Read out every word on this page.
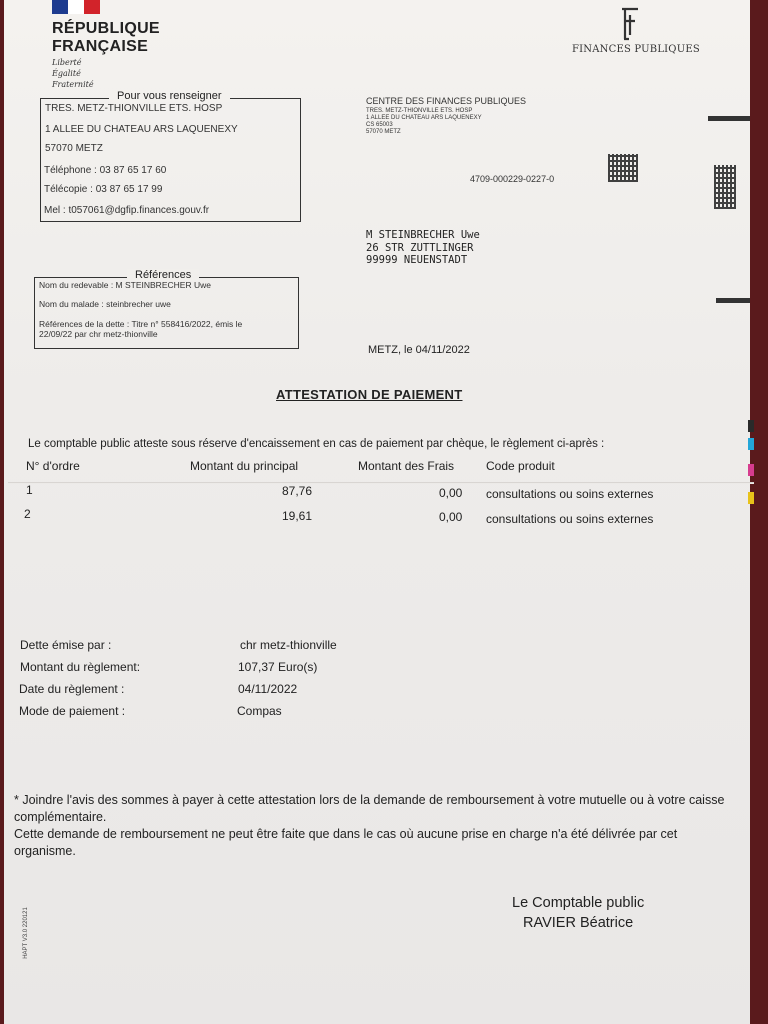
RÉPUBLIQUE
FRANÇAISE
Liberté
Égalité
Fraternité
FINANCES PUBLIQUES
Pour vous renseigner
TRES. METZ-THIONVILLE ETS. HOSP
1 ALLEE DU CHATEAU ARS LAQUENEXY
57070 METZ
Téléphone : 03 87 65 17 60
Télécopie : 03 87 65 17 99
Mel : t057061@dgfip.finances.gouv.fr
CENTRE DES FINANCES PUBLIQUES
TRES. METZ-THIONVILLE ETS. HOSP
1 ALLEE DU CHATEAU ARS LAQUENEXY
CS 65003
57070 METZ
4709-000229-0227-0
M STEINBRECHER Uwe
26 STR ZUTTLINGER
99999 NEUENSTADT
Références
Nom du redevable : M STEINBRECHER Uwe
Nom du malade : steinbrecher uwe
Références de la dette : Titre n° 558416/2022, émis le
22/09/22 par chr metz-thionville
METZ, le 04/11/2022
ATTESTATION DE PAIEMENT
Le comptable public atteste sous réserve d'encaissement en cas de paiement par chèque, le règlement ci-après :
N° d'ordre	Montant du principal	Montant des Frais	Code produit
1	87,76	0,00 consultations ou soins externes
2	19,61	0,00 consultations ou soins externes
Dette émise par :	chr metz-thionville
Montant du règlement:	107,37 Euro(s)
Date du règlement :	04/11/2022
Mode de paiement :	Compas
* Joindre l'avis des sommes à payer à cette attestation lors de la demande de remboursement à votre mutuelle ou à votre caisse complémentaire.
Cette demande de remboursement ne peut être faite que dans le cas où aucune prise en charge n'a été délivrée par cet organisme.
Le Comptable public
RAVIER Béatrice
HAPT V3.0 220121
